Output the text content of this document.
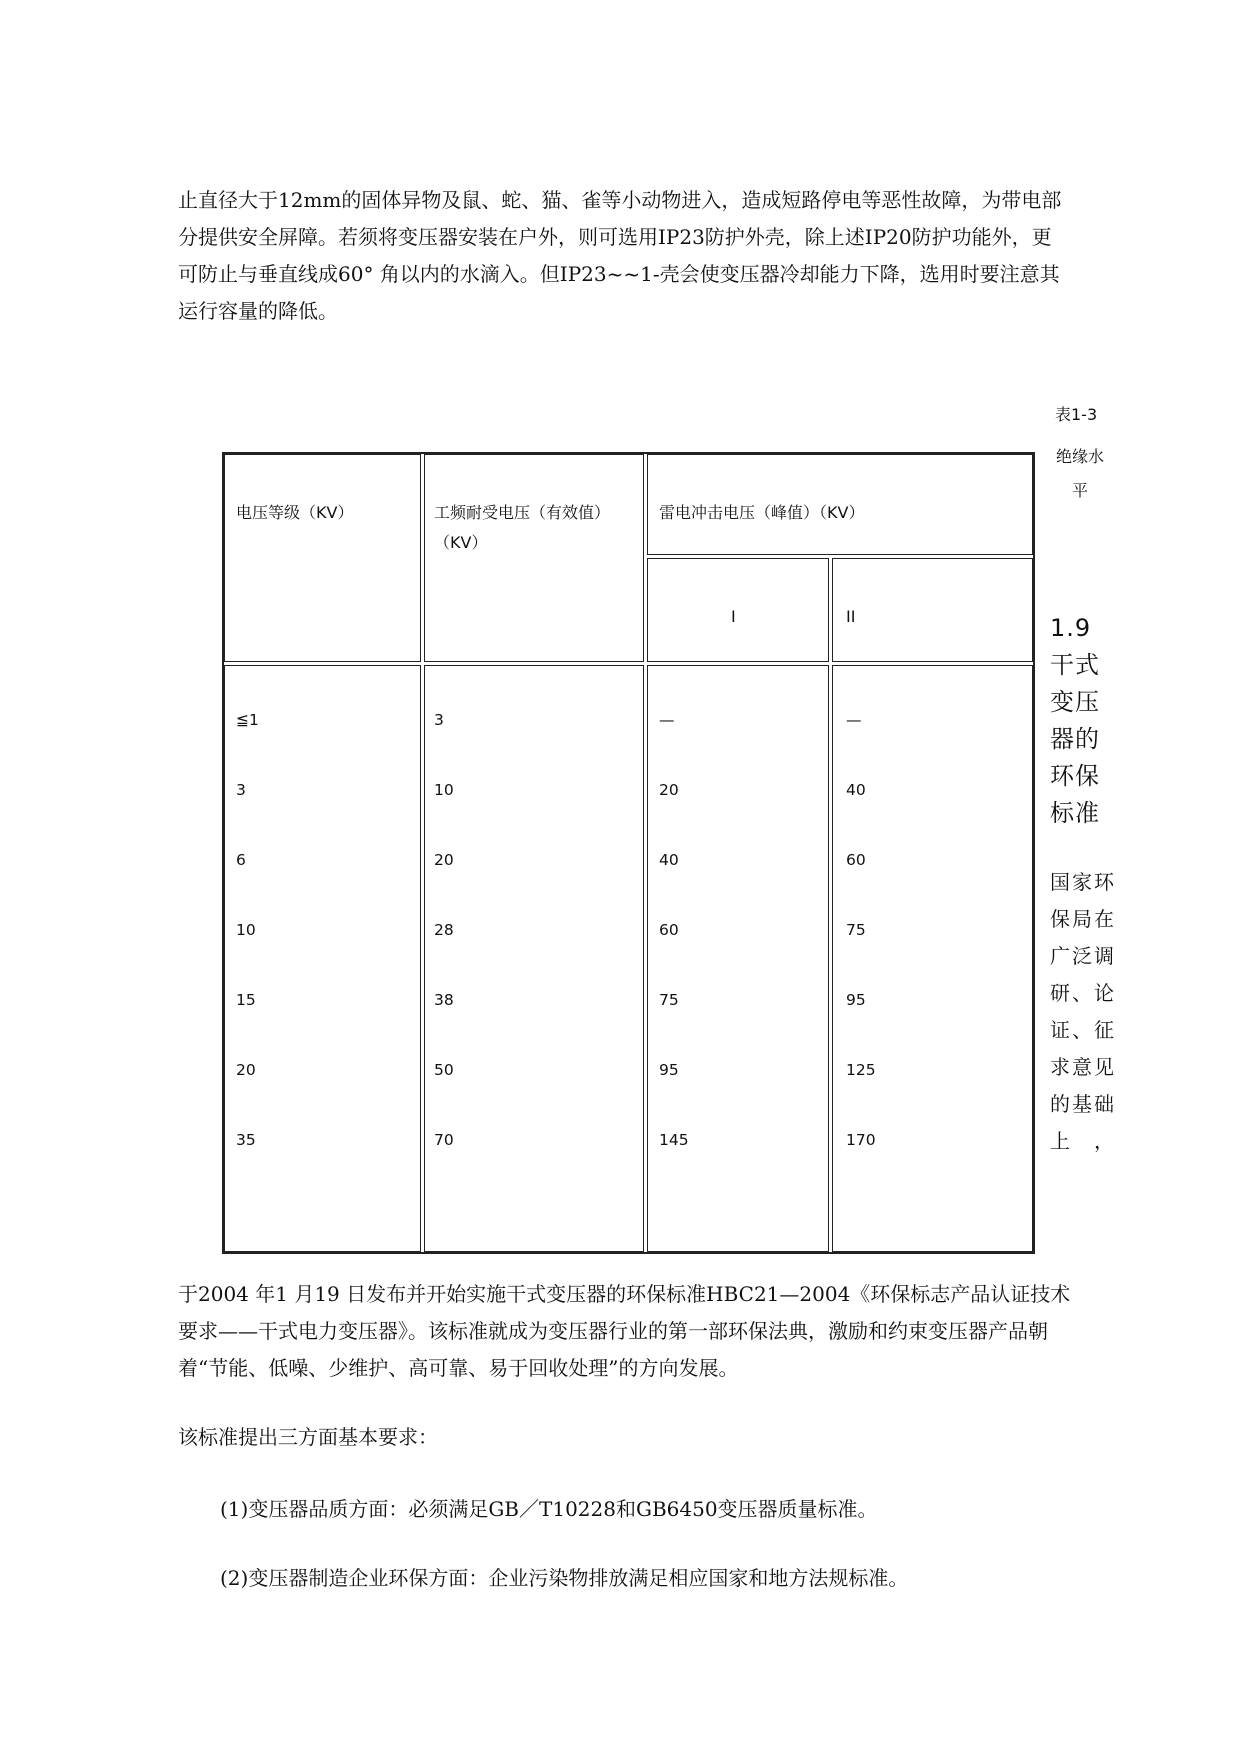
止直径大于12mm的固体异物及鼠、蛇、猫、雀等小动物进入，造成短路停电等恶性故障，为带电部

分提供安全屏障。若须将变压器安装在户外，则可选用IP23防护外壳，除上述IP20防护功能外，更

可防止与垂直线成60° 角以内的水滴入。但IP23~~1-壳会使变压器冷却能力下降，选用时要注意其

运行容量的降低。

电压等级（KV）	工频耐受电压（有效值）（KV）
雷电冲击电压（峰值）（KV）
I	II
≦1	3	—	—
3	10	20	40
6	20	40	60
10	28	60	75
15	38	75	95
20	50	95	125
35	70	145	170
表1-3
绝缘水平
1.9 干式变压器的环保标准
国家环保局在广泛调研、论证、征求意见的基础上，

于2004 年1 月19 日发布并开始实施干式变压器的环保标准HBC21—2004《环保标志产品认证技术

要求——干式电力变压器》。该标准就成为变压器行业的第一部环保法典，激励和约束变压器产品朝

着“节能、低噪、少维护、高可靠、易于回收处理”的方向发展。

该标准提出三方面基本要求：
(1)变压器品质方面：必须满足GB／T10228和GB6450变压器质量标准。
(2)变压器制造企业环保方面：企业污染物排放满足相应国家和地方法规标准。
